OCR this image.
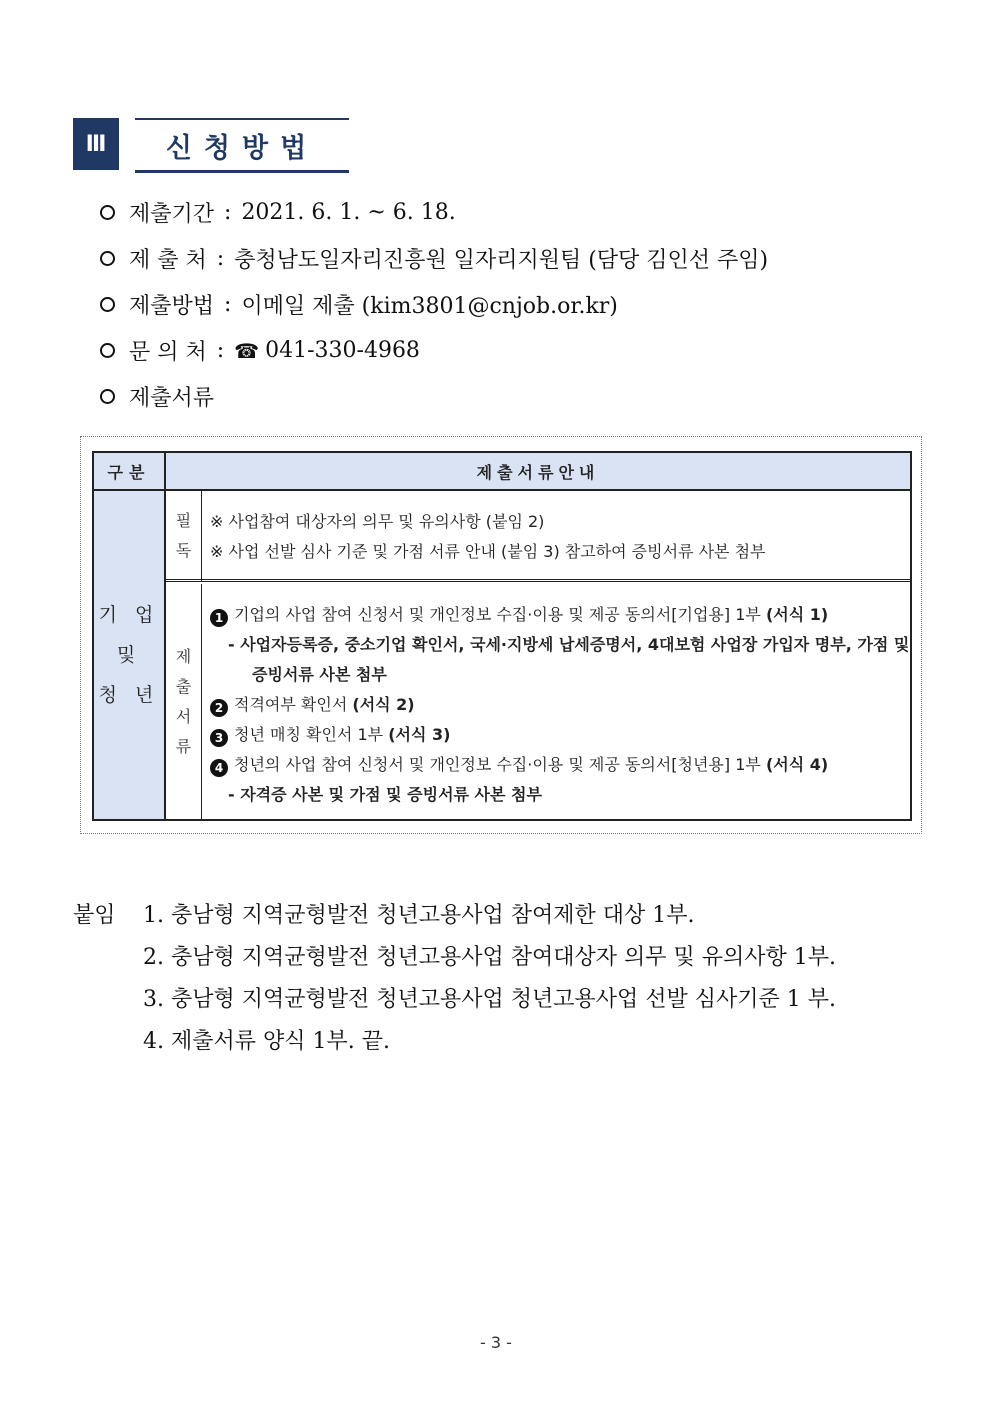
Ⅲ	신청방법
제출기간 : 2021. 6. 1. ~ 6. 18.
제 출 처 : 충청남도일자리진흥원 일자리지원팀 (담당 김인선 주임)
제출방법 : 이메일 제출 (kim3801@cnjob.or.kr)
문 의 처 : ☎ 041-330-4968
제출서류
구분	제출서류안내
기 업
및
청 년
필
독
※ 사업참여 대상자의 의무 및 유의사항 (붙임 2)
※ 사업 선발 심사 기준 및 가점 서류 안내 (붙임 3) 참고하여 증빙서류 사본 첨부
제
출
서
류
1 기업의 사업 참여 신청서 및 개인정보 수집·이용 및 제공 동의서[기업용] 1부 (서식 1)
- 사업자등록증, 중소기업 확인서, 국세·지방세 납세증명서, 4대보험 사업장 가입자 명부, 가점 및
증빙서류 사본 첨부
2 적격여부 확인서 (서식 2)
3 청년 매칭 확인서 1부 (서식 3)
4 청년의 사업 참여 신청서 및 개인정보 수집·이용 및 제공 동의서[청년용] 1부 (서식 4)
- 자격증 사본 및 가점 및 증빙서류 사본 첨부
붙임 1. 충남형 지역균형발전 청년고용사업 참여제한 대상 1부.
2. 충남형 지역균형발전 청년고용사업 참여대상자 의무 및 유의사항 1부.
3. 충남형 지역균형발전 청년고용사업 청년고용사업 선발 심사기준 1 부.
4. 제출서류 양식 1부. 끝.
- 3 -
